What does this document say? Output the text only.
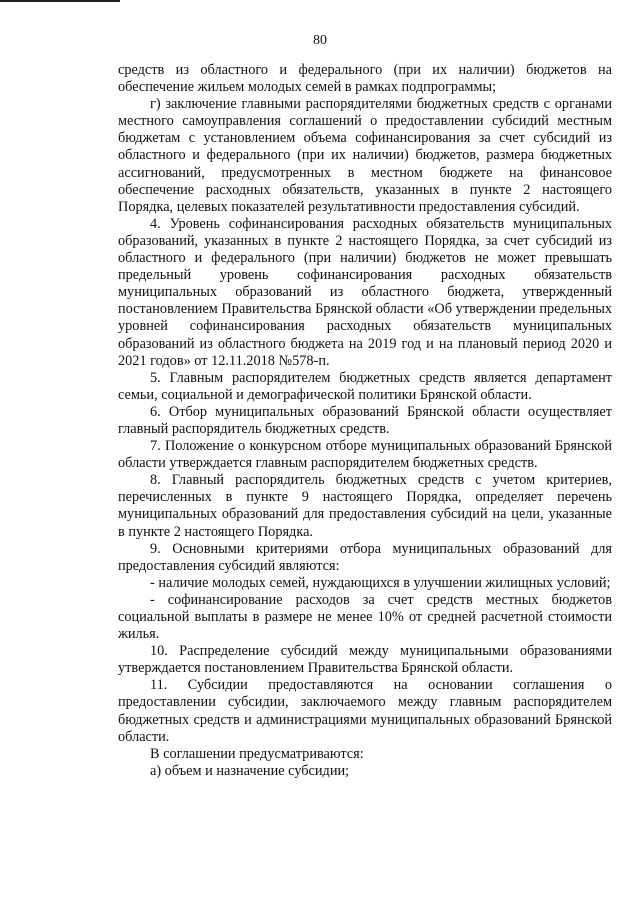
80

средств из областного и федерального (при их наличии) бюджетов на обеспечение жильем молодых семей в рамках подпрограммы;

г) заключение главными распорядителями бюджетных средств с органами местного самоуправления соглашений о предоставлении субсидий местным бюджетам с установлением объема софинансирования за счет субсидий из областного и федерального (при их наличии) бюджетов, размера бюджетных ассигнований, предусмотренных в местном бюджете на финансовое обеспечение расходных обязательств, указанных в пункте 2 настоящего Порядка, целевых показателей результативности предоставления субсидий.

4. Уровень софинансирования расходных обязательств муниципальных образований, указанных в пункте 2 настоящего Порядка, за счет субсидий из областного и федерального (при наличии) бюджетов не может превышать предельный уровень софинансирования расходных обязательств муниципальных образований из областного бюджета, утвержденный постановлением Правительства Брянской области «Об утверждении предельных уровней софинансирования расходных обязательств муниципальных образований из областного бюджета на 2019 год и на плановый период 2020 и 2021 годов» от 12.11.2018 №578-п.

5. Главным распорядителем бюджетных средств является департамент семьи, социальной и демографической политики Брянской области.

6. Отбор муниципальных образований Брянской области осуществляет главный распорядитель бюджетных средств.

7. Положение о конкурсном отборе муниципальных образований Брянской области утверждается главным распорядителем бюджетных средств.

8. Главный распорядитель бюджетных средств с учетом критериев, перечисленных в пункте 9 настоящего Порядка, определяет перечень муниципальных образований для предоставления субсидий на цели, указанные в пункте 2 настоящего Порядка.

9. Основными критериями отбора муниципальных образований для предоставления субсидий являются:

- наличие молодых семей, нуждающихся в улучшении жилищных условий;

- софинансирование расходов за счет средств местных бюджетов социальной выплаты в размере не менее 10% от средней расчетной стоимости жилья.

10. Распределение субсидий между муниципальными образованиями утверждается постановлением Правительства Брянской области.

11. Субсидии предоставляются на основании соглашения о предоставлении субсидии, заключаемого между главным распорядителем бюджетных средств и администрациями муниципальных образований Брянской области.

В соглашении предусматриваются:

а) объем и назначение субсидии;
